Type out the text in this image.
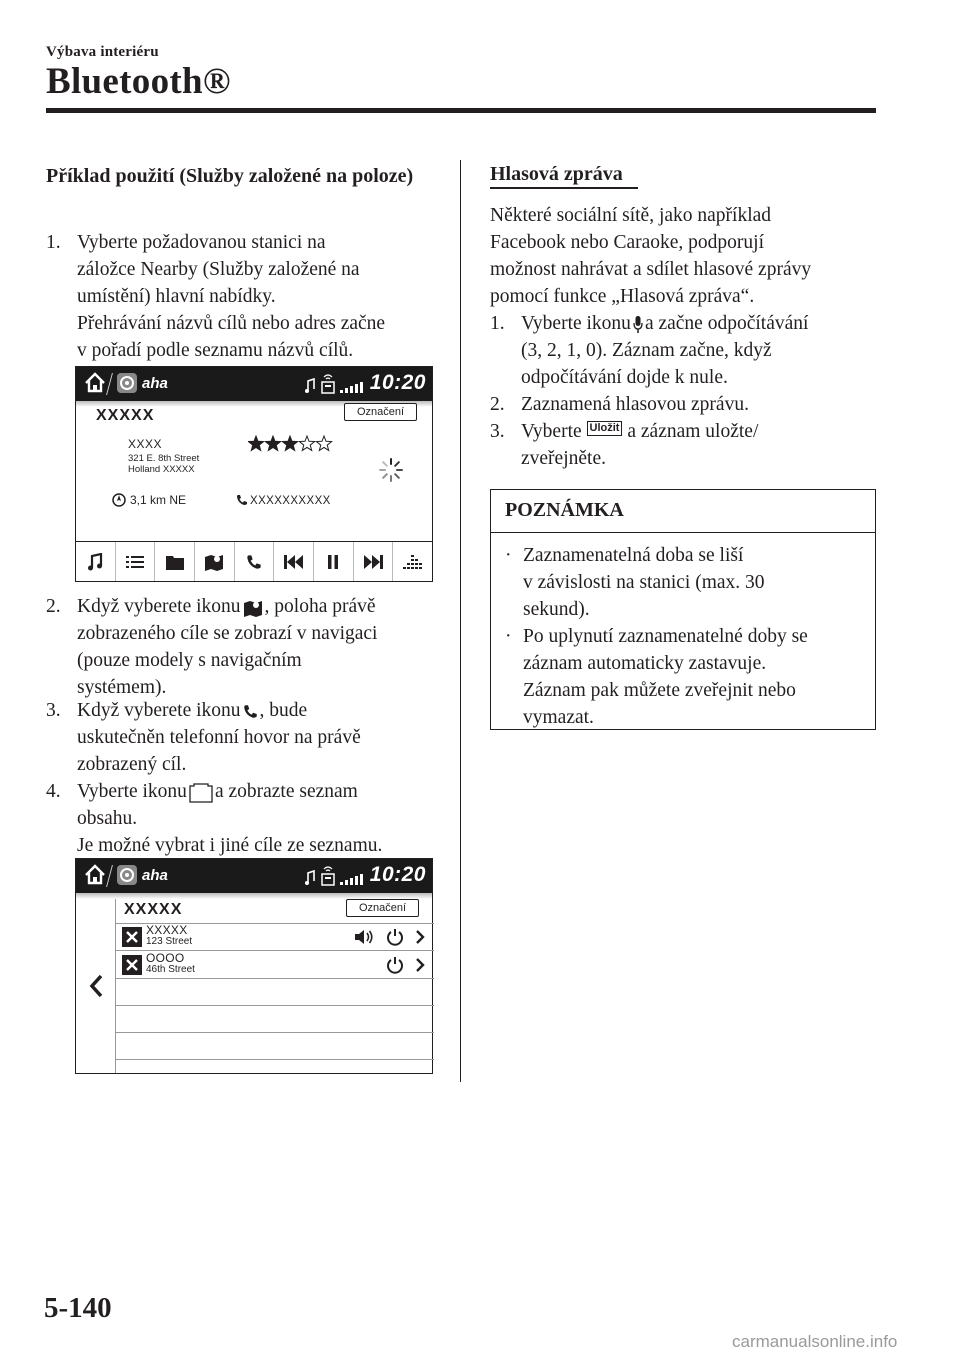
Výbava interiéru
Bluetooth®
Příklad použití (Služby založené na poloze)
1. Vyberte požadovanou stanici na
záložce Nearby (Služby založené na
umístění) hlavní nabídky.
Přehrávání názvů cílů nebo adres začne
v pořadí podle seznamu názvů cílů.
aha	10:20
XXXXX	Označení
XXXX
321 E. 8th Street
Holland XXXXX
3,1 km NE	XXXXXXXXXX
2. Když vyberete ikonu , poloha právě
zobrazeného cíle se zobrazí v navigaci
(pouze modely s navigačním
systémem).
3. Když vyberete ikonu , bude
uskutečněn telefonní hovor na právě
zobrazený cíl.
4. Vyberte ikonu a zobrazte seznam
obsahu.
Je možné vybrat i jiné cíle ze seznamu.
aha	10:20
XXXXX	Označení
XXXXX
123 Street
OOOO
46th Street
Hlasová zpráva
Některé sociální sítě, jako například
Facebook nebo Caraoke, podporují
možnost nahrávat a sdílet hlasové zprávy
pomocí funkce „Hlasová zpráva“.
1. Vyberte ikonu a začne odpočítávání
(3, 2, 1, 0). Záznam začne, když
odpočítávání dojde k nule.
2. Zaznamená hlasovou zprávu.
3. Vyberte Uložit a záznam uložte/
zveřejněte.
POZNÁMKA
· Zaznamenatelná doba se liší
v závislosti na stanici (max. 30
sekund).
· Po uplynutí zaznamenatelné doby se
záznam automaticky zastavuje.
Záznam pak můžete zveřejnit nebo
vymazat.
5-140
carmanualsonline.info
